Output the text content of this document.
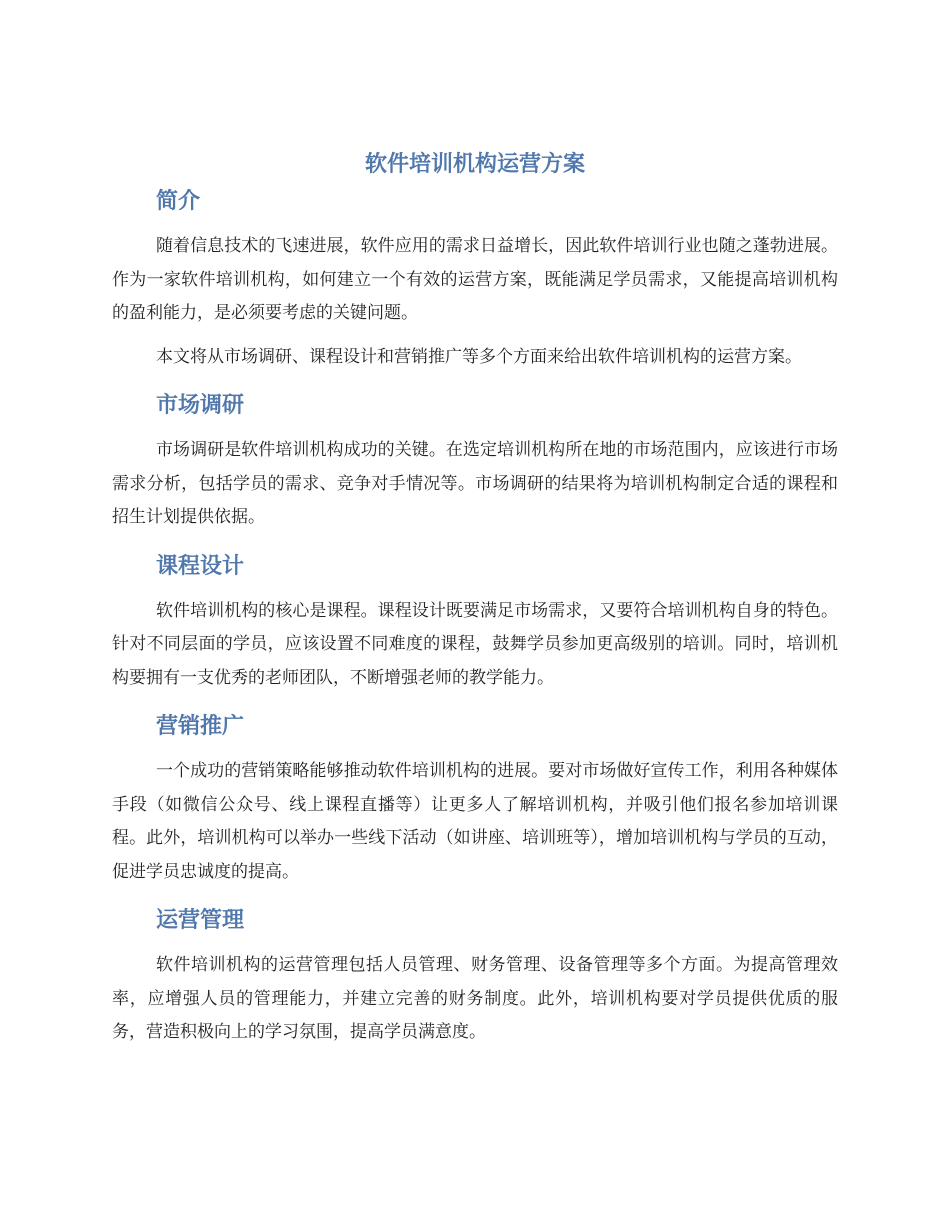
软件培训机构运营方案
简介

随着信息技术的飞速进展，软件应用的需求日益增长，因此软件培训行业也随之蓬勃进展。作为一家软件培训机构，如何建立一个有效的运营方案，既能满足学员需求，又能提高培训机构的盈利能力，是必须要考虑的关键问题。

本文将从市场调研、课程设计和营销推广等多个方面来给出软件培训机构的运营方案。

市场调研

市场调研是软件培训机构成功的关键。在选定培训机构所在地的市场范围内，应该进行市场需求分析，包括学员的需求、竞争对手情况等。市场调研的结果将为培训机构制定合适的课程和招生计划提供依据。

课程设计

软件培训机构的核心是课程。课程设计既要满足市场需求，又要符合培训机构自身的特色。针对不同层面的学员，应该设置不同难度的课程，鼓舞学员参加更高级别的培训。同时，培训机构要拥有一支优秀的老师团队，不断增强老师的教学能力。

营销推广

一个成功的营销策略能够推动软件培训机构的进展。要对市场做好宣传工作，利用各种媒体手段（如微信公众号、线上课程直播等）让更多人了解培训机构，并吸引他们报名参加培训课程。此外，培训机构可以举办一些线下活动（如讲座、培训班等），增加培训机构与学员的互动，促进学员忠诚度的提高。

运营管理

软件培训机构的运营管理包括人员管理、财务管理、设备管理等多个方面。为提高管理效率，应增强人员的管理能力，并建立完善的财务制度。此外，培训机构要对学员提供优质的服务，营造积极向上的学习氛围，提高学员满意度。
